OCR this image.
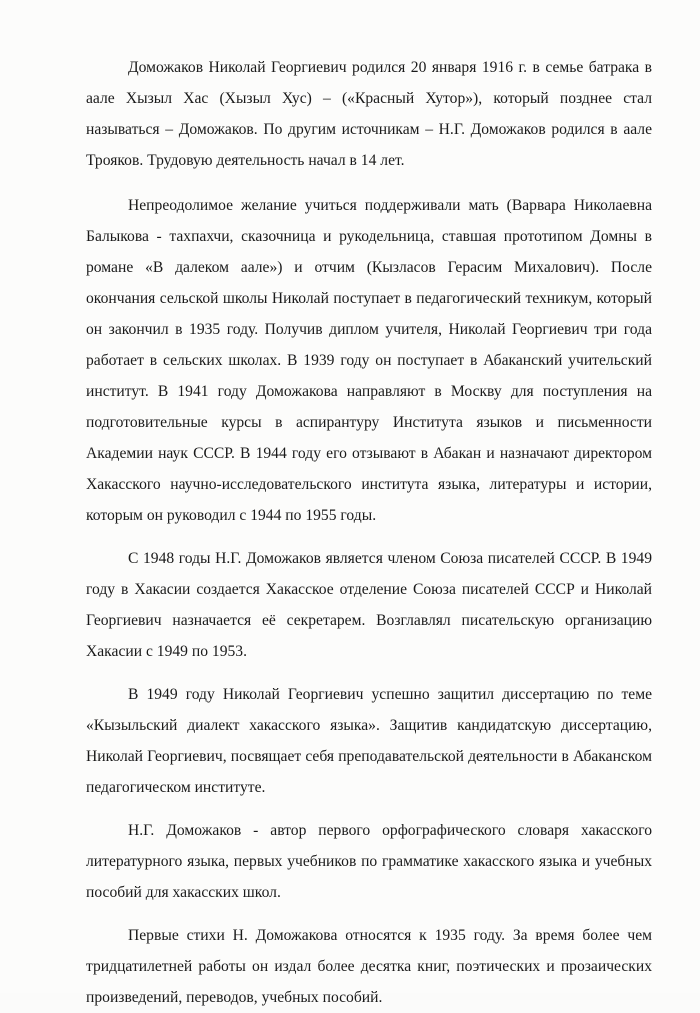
Доможаков Николай Георгиевич родился 20 января 1916 г. в семье батрака в аале Хызыл Хас (Хызыл Хус) – («Красный Хутор»), который позднее стал называться – Доможаков. По другим источникам – Н.Г. Доможаков родился в аале Трояков. Трудовую деятельность начал в 14 лет.

Непреодолимое желание учиться поддерживали мать (Варвара Николаевна Балыкова - тахпахчи, сказочница и рукодельница, ставшая прототипом Домны в романе «В далеком аале») и отчим (Кызласов Герасим Михалович). После окончания сельской школы Николай поступает в педагогический техникум, который он закончил в 1935 году. Получив диплом учителя, Николай Георгиевич три года работает в сельских школах. В 1939 году он поступает в Абаканский учительский институт. В 1941 году Доможакова направляют в Москву для поступления на подготовительные курсы в аспирантуру Института языков и письменности Академии наук СССР. В 1944 году его отзывают в Абакан и назначают директором Хакасского научно-исследовательского института языка, литературы и истории, которым он руководил с 1944 по 1955 годы.

С 1948 годы Н.Г. Доможаков является членом Союза писателей СССР. В 1949 году в Хакасии создается Хакасское отделение Союза писателей СССР и Николай Георгиевич назначается её секретарем. Возглавлял писательскую организацию Хакасии с 1949 по 1953.

В 1949 году Николай Георгиевич успешно защитил диссертацию по теме «Кызыльский диалект хакасского языка». Защитив кандидатскую диссертацию, Николай Георгиевич, посвящает себя преподавательской деятельности в Абаканском педагогическом институте.

Н.Г. Доможаков - автор первого орфографического словаря хакасского литературного языка, первых учебников по грамматике хакасского языка и учебных пособий для хакасских школ.

Первые стихи Н. Доможакова относятся к 1935 году. За время более чем тридцатилетней работы он издал более десятка книг, поэтических и прозаических произведений, переводов, учебных пособий.
